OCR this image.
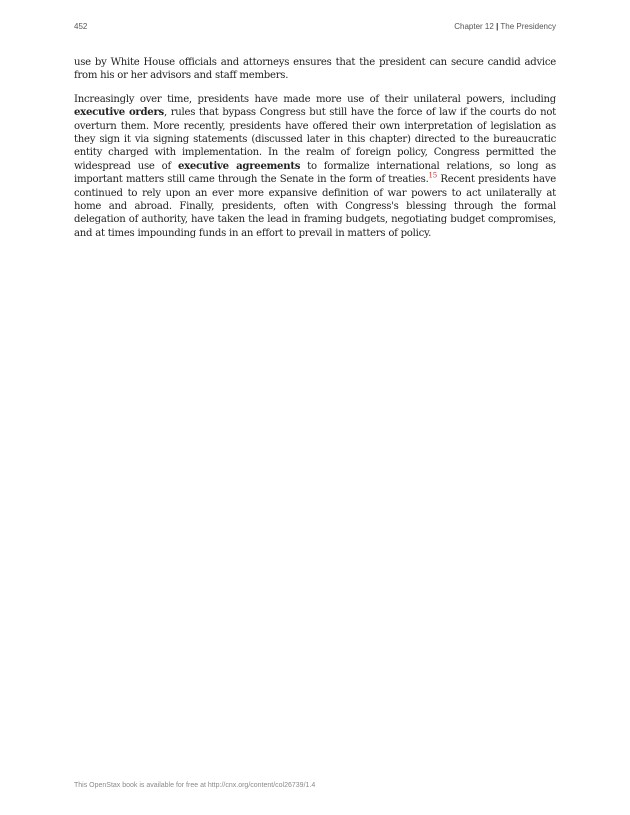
452	Chapter 12 | The Presidency

use by White House officials and attorneys ensures that the president can secure candid advice from his or her advisors and staff members.

Increasingly over time, presidents have made more use of their unilateral powers, including executive orders, rules that bypass Congress but still have the force of law if the courts do not overturn them. More recently, presidents have offered their own interpretation of legislation as they sign it via signing statements (discussed later in this chapter) directed to the bureaucratic entity charged with implementation. In the realm of foreign policy, Congress permitted the widespread use of executive agreements to formalize international relations, so long as important matters still came through the Senate in the form of treaties.$^{15}$ Recent presidents have continued to rely upon an ever more expansive definition of war powers to act unilaterally at home and abroad. Finally, presidents, often with Congress's blessing through the formal delegation of authority, have taken the lead in framing budgets, negotiating budget compromises, and at times impounding funds in an effort to prevail in matters of policy.

This OpenStax book is available for free at http://cnx.org/content/col26739/1.4
